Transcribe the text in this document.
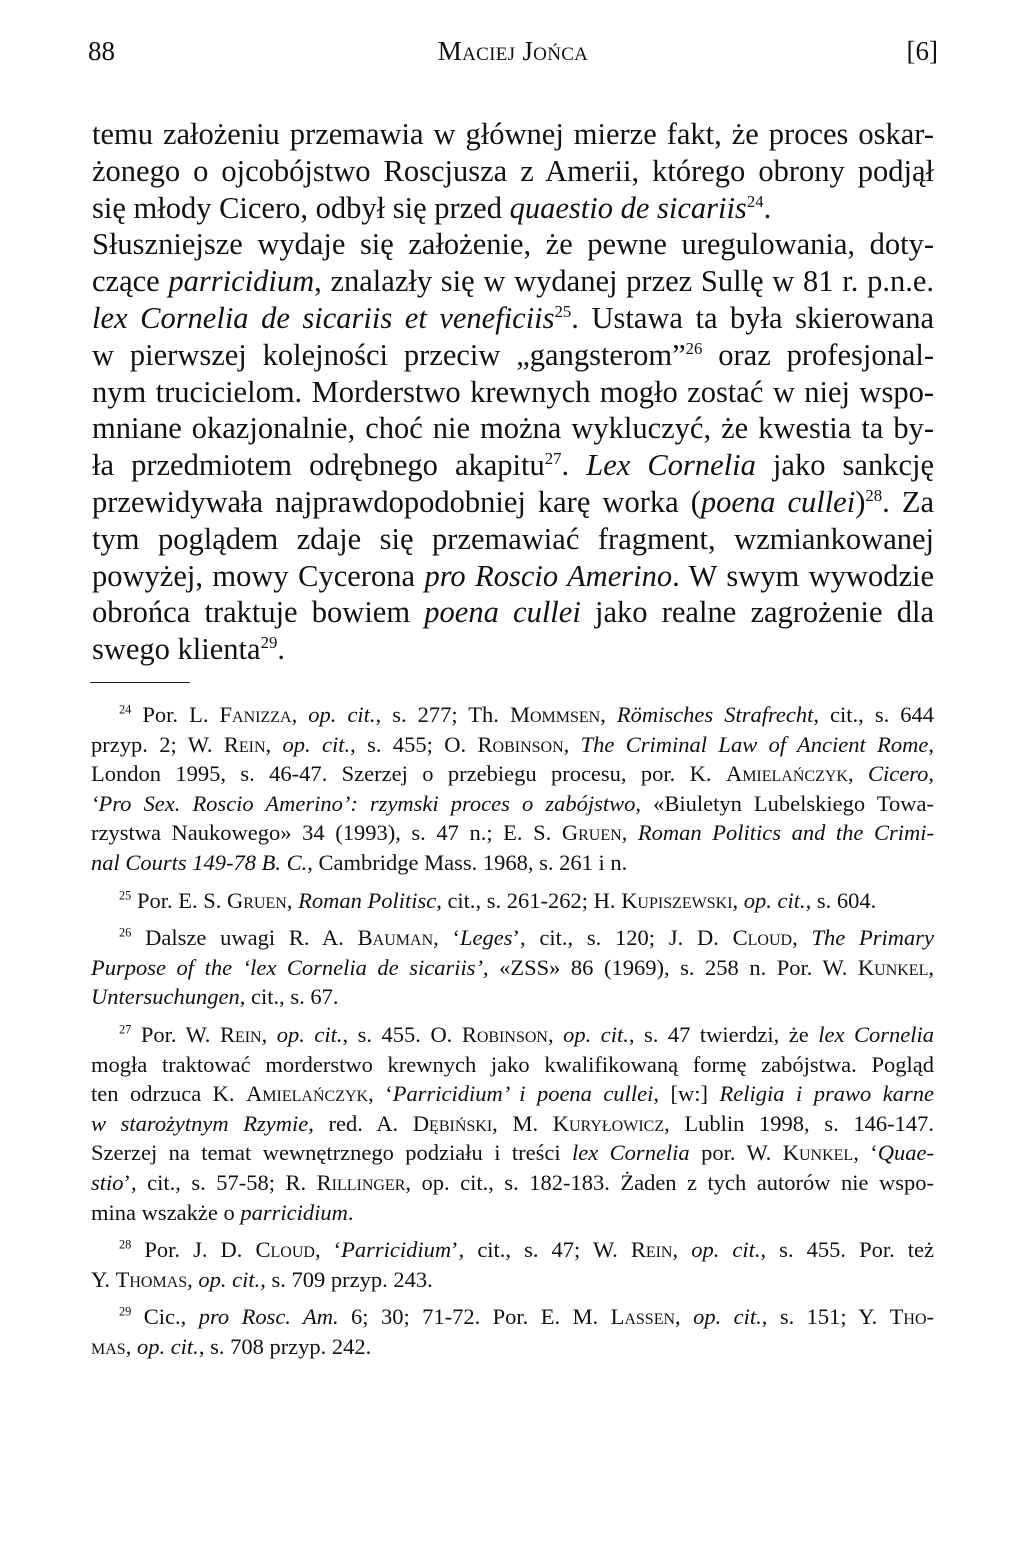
88	Maciej Jońca	[6]

temu założeniu przemawia w głównej mierze fakt, że proces oskar-
żonego o ojcobójstwo Roscjusza z Amerii, którego obrony podjął
się młody Cicero, odbył się przed quaestio de sicariis$^{24}$.
Słuszniejsze wydaje się założenie, że pewne uregulowania, doty-
czące parricidium, znalazły się w wydanej przez Sullę w 81 r. p.n.e.
lex Cornelia de sicariis et veneficiis$^{25}$. Ustawa ta była skierowana
w pierwszej kolejności przeciw „gangsterom”$^{26}$ oraz profesjonal-
nym trucicielom. Morderstwo krewnych mogło zostać w niej wspo-
mniane okazjonalnie, choć nie można wykluczyć, że kwestia ta by-
ła przedmiotem odrębnego akapitu$^{27}$. Lex Cornelia jako sankcję
przewidywała najprawdopodobniej karę worka (poena cullei)$^{28}$. Za
tym poglądem zdaje się przemawiać fragment, wzmiankowanej
powyżej, mowy Cycerona pro Roscio Amerino. W swym wywodzie
obrońca traktuje bowiem poena cullei jako realne zagrożenie dla
swego klienta$^{29}$.

$^{24}$ Por. L. Fanizza, op. cit., s. 277; Th. Mommsen, Römisches Strafrecht, cit., s. 644
przyp. 2; W. Rein, op. cit., s. 455; O. Robinson, The Criminal Law of Ancient Rome,
London 1995, s. 46-47. Szerzej o przebiegu procesu, por. K. Amielańczyk, Cicero,
‘Pro Sex. Roscio Amerino’: rzymski proces o zabójstwo, «Biuletyn Lubelskiego Towa-
rzystwa Naukowego» 34 (1993), s. 47 n.; E. S. Gruen, Roman Politics and the Crimi-
nal Courts 149-78 B. C., Cambridge Mass. 1968, s. 261 i n.
$^{25}$ Por. E. S. Gruen, Roman Politisc, cit., s. 261-262; H. Kupiszewski, op. cit., s. 604.
$^{26}$ Dalsze uwagi R. A. Bauman, ‘Leges’, cit., s. 120; J. D. Cloud, The Primary
Purpose of the ‘lex Cornelia de sicariis’, «ZSS» 86 (1969), s. 258 n. Por. W. Kunkel,
Untersuchungen, cit., s. 67.
$^{27}$ Por. W. Rein, op. cit., s. 455. O. Robinson, op. cit., s. 47 twierdzi, że lex Cornelia
mogła traktować morderstwo krewnych jako kwalifikowaną formę zabójstwa. Pogląd
ten odrzuca K. Amielańczyk, ‘Parricidium’ i poena cullei, [w:] Religia i prawo karne
w starożytnym Rzymie, red. A. Dębiński, M. Kuryłowicz, Lublin 1998, s. 146-147.
Szerzej na temat wewnętrznego podziału i treści lex Cornelia por. W. Kunkel, ‘Quae-
stio’, cit., s. 57-58; R. Rillinger, op. cit., s. 182-183. Żaden z tych autorów nie wspo-
mina wszakże o parricidium.
$^{28}$ Por. J. D. Cloud, ‘Parricidium’, cit., s. 47; W. Rein, op. cit., s. 455. Por. też
Y. Thomas, op. cit., s. 709 przyp. 243.
$^{29}$ Cic., pro Rosc. Am. 6; 30; 71-72. Por. E. M. Lassen, op. cit., s. 151; Y. Tho-
mas, op. cit., s. 708 przyp. 242.
